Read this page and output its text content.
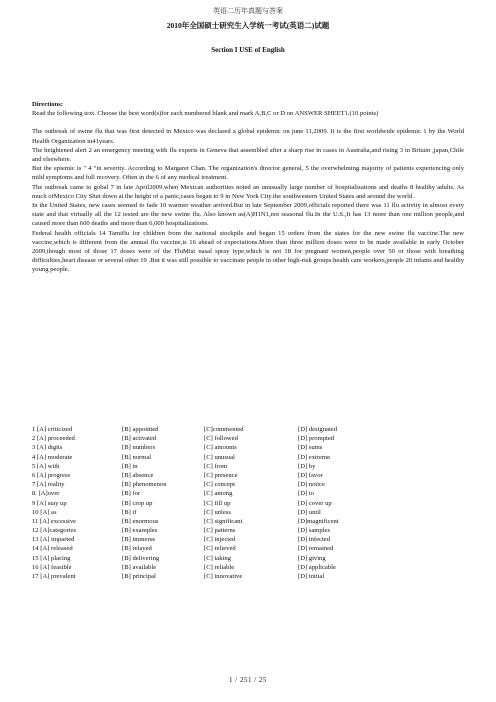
英语二历年真题与答案
2010年全国硕士研究生入学统一考试(英语二)试题
Section I USE of English

Directions:

Read the following text. Choose the best word(s)for each numbered blank and mark A,B,C or D on ANSWER SHEET1.(10 points)

The outbreak of swine flu that was first detected in Mexico was declared a global epidemic on june 11,2009. It is the first worldwide epidemic 1 by the World Health Organization in41years.

The heightened alert 2 an emergency meeting with flu experts in Geneva that assembled after a sharp rise in cases in Australia,and rising 3 in Britain ,japan,Chile and elsewhere.

But the epiemic is " 4 "in severity. According to Margaret Chan. The organization's director general, 5 the overwhelming majority of patients experiencing only mild symptoms and full recovery. Often in the 6 of any medical treatment.

The outbreak came to gobal 7 in late April2009.when Mexican authorities noted an unusually large number of hospitalizations and deaths 8 healthy adults. As much ofMexico City Shut down at the height of a panic,cases began to 9 in New York City.the southwestern United States and around the world.

In the United States, new cases seemed to fade 10 warmer weather arrived.But in late September 2009,officials reported there was 11 flu activity in almost every state and that virtually all the 12 tested are the new swine flu. Also known as(A)H1N1,not seasonal flu.In the U.S.,It has 13 more than one million people,and caused more than 600 deaths and more than 6,000 hospitalizations.

Federal health officials 14 Tamiflu for children from the national stockpile and began 15 orders from the states for the new swine flu vaccine.The new vaccine,which is different from the annual flu vaccine,is 16 ahead of expectations.More than three million doses were to be made available in early October 2009,though most of those 17 doses were of the FluMist nasal spray type,which is not 18 for pregnant women,people over 50 or those with breathing difficulties,heart disease or several other 19 .But it was still possible to vaccinate people in other high-risk groups:health care workers,people 20 infants and healthy young people.

1 [A] criticized	[B] appointed	[C]commented	[D] designated
2 [A] proceeded	[B] activated	[C] followed	[D] prompted
3 [A] digits	[B] numbers	[C] amounts	[D] sums
4 [A] moderate	[B] normal	[C] unusual	[D] extreme
5 [A] with	[B] in	[C] from	[D] by
6 [A] progress	[B] absence	[C] presence	[D] favor
7 [A] reality	[B] phenomenon	[C] concept	[D] notice
8. [A]over	[B] for	[C] among	[D] to
9 [A] stay up	[B] crop up	[C] fill up	[D] cover up
10 [A] as	[B] if	[C] unless	[D] until
11 [A] excessive	[B] enormous	[C] significant	[D]magnificent
12 [A]categories	[B] examples	[C] patterns	[D] samples
13 [A] imparted	[B] immerse	[C] injected	[D] infected
14 [A] released	[B] relayed	[C] relieved	[D] remained
15 [A] placing	[B] delivering	[C] taking	[D] giving
16 [A] feasible	[B] available	[C] reliable	[D] applicable
17 [A] prevalent	[B] principal	[C] innovative	[D] initial
1 / 251 / 25
